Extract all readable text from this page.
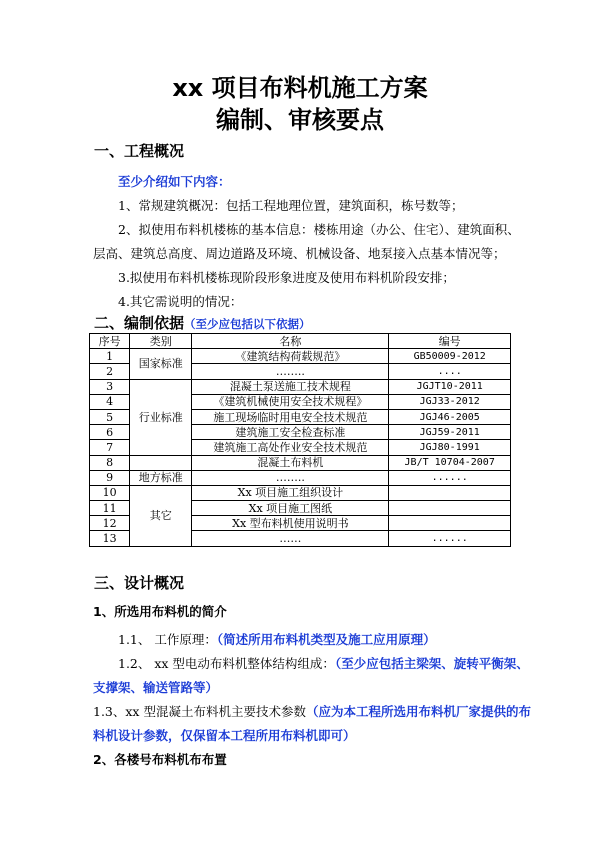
xx 项目布料机施工方案
编制、审核要点
一、工程概况
至少介绍如下内容：
1、常规建筑概况：包括工程地理位置，建筑面积，栋号数等；
2、拟使用布料机楼栋的基本信息：楼栋用途（办公、住宅）、建筑面积、
层高、建筑总高度、周边道路及环境、机械设备、地泵接入点基本情况等；
3.拟使用布料机楼栋现阶段形象进度及使用布料机阶段安排；
4.其它需说明的情况：
二、编制依据（至少应包括以下依据）
序号	类别	名称	编号
1	国家标准	《建筑结构荷载规范》	GB50009-2012
2		……..	....
3	行业标准	混凝土泵送施工技术规程	JGJT10-2011
4		《建筑机械使用安全技术规程》	JGJ33-2012
5		施工现场临时用电安全技术规范	JGJ46-2005
6		建筑施工安全检查标准	JGJ59-2011
7		建筑施工高处作业安全技术规范	JGJ80-1991
8		混凝土布料机	JB/T 10704-2007
9	地方标准	……..	......
10	其它	Xx 项目施工组织设计	
11		Xx 项目施工图纸	
12		Xx 型布料机使用说明书	
13		……	......
三、设计概况
1、所选用布料机的简介
1.1、 工作原理：（简述所用布料机类型及施工应用原理）
1.2、 xx 型电动布料机整体结构组成：（至少应包括主梁架、旋转平衡架、
支撑架、输送管路等）
1.3、xx 型混凝土布料机主要技术参数（应为本工程所选用布料机厂家提供的布
料机设计参数，仅保留本工程所用布料机即可）
2、各楼号布料机布布置
